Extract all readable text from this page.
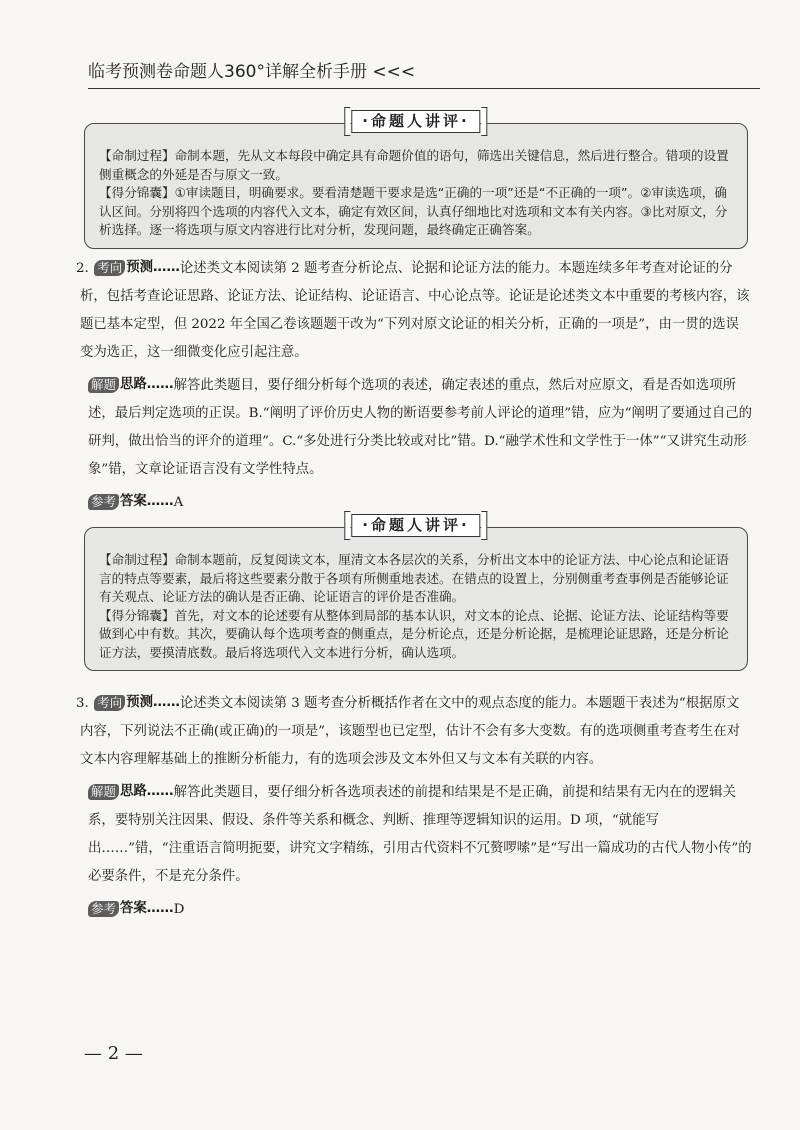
临考预测卷命题人360°详解全析手册 <<<
·命题人讲评·

【命制过程】命制本题，先从文本每段中确定具有命题价值的语句，筛选出关键信息，然后进行整合。错项的设置侧重概念的外延是否与原文一致。

【得分锦囊】①审读题目，明确要求。要看清楚题干要求是选“正确的一项”还是“不正确的一项”。②审读选项，确认区间。分别将四个选项的内容代入文本，确定有效区间，认真仔细地比对选项和文本有关内容。③比对原文，分析选择。逐一将选项与原文内容进行比对分析，发现问题，最终确定正确答案。

2. 考向 预测…… 论述类文本阅读第 2 题考查分析论点、论据和论证方法的能力。本题连续多年考查对论证的分析，包括考查论证思路、论证方法、论证结构、论证语言、中心论点等。论证是论述类文本中重要的考核内容，该题已基本定型，但 2022 年全国乙卷该题题干改为“下列对原文论证的相关分析，正确的一项是”，由一贯的选误变为选正，这一细微变化应引起注意。

解题 思路…… 解答此类题目，要仔细分析每个选项的表述，确定表述的重点，然后对应原文，看是否如选项所述，最后判定选项的正误。B.“阐明了评价历史人物的断语要参考前人评论的道理”错，应为“阐明了要通过自己的研判，做出恰当的评介的道理”。C.“多处进行分类比较或对比”错。D.“融学术性和文学性于一体”“又讲究生动形象”错，文章论证语言没有文学性特点。

参考 答案…… A

·命题人讲评·

【命制过程】命制本题前，反复阅读文本，厘清文本各层次的关系，分析出文本中的论证方法、中心论点和论证语言的特点等要素，最后将这些要素分散于各项有所侧重地表述。在错点的设置上，分别侧重考查事例是否能够论证有关观点、论证方法的确认是否正确、论证语言的评价是否准确。

【得分锦囊】首先，对文本的论述要有从整体到局部的基本认识，对文本的论点、论据、论证方法、论证结构等要做到心中有数。其次，要确认每个选项考查的侧重点，是分析论点，还是分析论据，是梳理论证思路，还是分析论证方法，要摸清底数。最后将选项代入文本进行分析，确认选项。

3. 考向 预测…… 论述类文本阅读第 3 题考查分析概括作者在文中的观点态度的能力。本题题干表述为“根据原文内容，下列说法不正确(或正确)的一项是”，该题型也已定型，估计不会有多大变数。有的选项侧重考查考生在对文本内容理解基础上的推断分析能力，有的选项会涉及文本外但又与文本有关联的内容。

解题 思路…… 解答此类题目，要仔细分析各选项表述的前提和结果是不是正确，前提和结果有无内在的逻辑关系，要特别关注因果、假设、条件等关系和概念、判断、推理等逻辑知识的运用。D 项，“就能写出……”错，“注重语言简明扼要，讲究文字精练，引用古代资料不冗赘啰嗦”是“写出一篇成功的古代人物小传”的必要条件，不是充分条件。

参考 答案…… D

— 2 —
